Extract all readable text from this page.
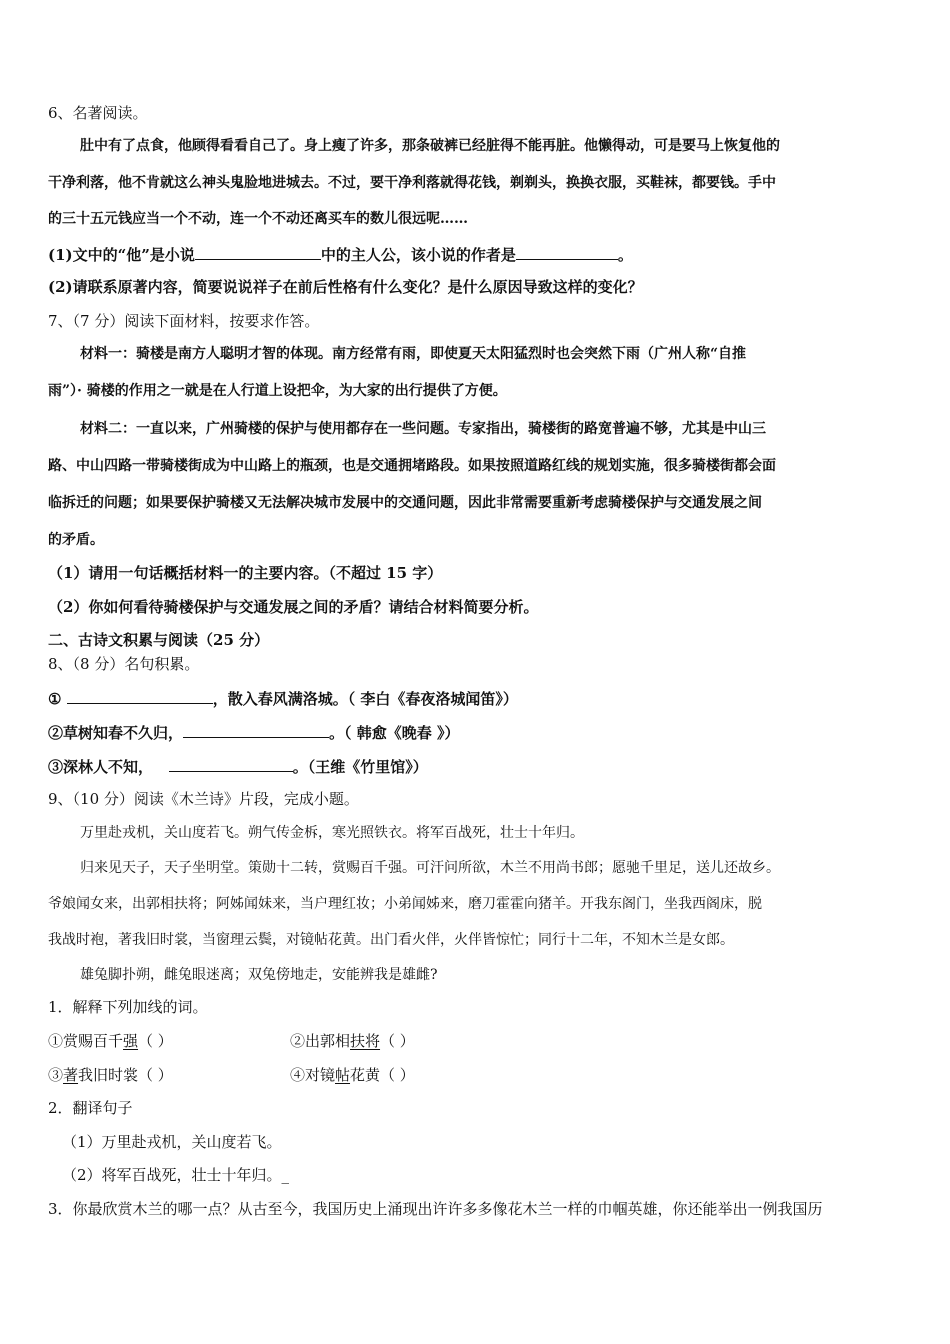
6、名著阅读。
肚中有了点食，他顾得看看自己了。身上瘦了许多，那条破裤已经脏得不能再脏。他懒得动，可是要马上恢复他的
干净利落，他不肯就这么神头鬼脸地进城去。不过，要干净利落就得花钱，剃剃头，换换衣服，买鞋袜，都要钱。手中
的三十五元钱应当一个不动，连一个不动还离买车的数儿很远呢……
(1)文中的“他”是小说	中的主人公，该小说的作者是	。
(2)请联系原著内容，简要说说祥子在前后性格有什么变化？是什么原因导致这样的变化？
7、（7 分）阅读下面材料，按要求作答。
材料一：骑楼是南方人聪明才智的体现。南方经常有雨，即使夏天太阳猛烈时也会突然下雨（广州人称“自推
雨”）· 骑楼的作用之一就是在人行道上设把伞，为大家的出行提供了方便。
材料二：一直以来，广州骑楼的保护与使用都存在一些问题。专家指出，骑楼街的路宽普遍不够，尤其是中山三
路、中山四路一带骑楼街成为中山路上的瓶颈，也是交通拥堵路段。如果按照道路红线的规划实施，很多骑楼街都会面
临拆迁的问题；如果要保护骑楼又无法解决城市发展中的交通问题，因此非常需要重新考虑骑楼保护与交通发展之间
的矛盾。
（1）请用一句话概括材料一的主要内容。（不超过 15 字）
（2）你如何看待骑楼保护与交通发展之间的矛盾？请结合材料简要分析。
二、古诗文积累与阅读（25 分）
8、（8 分）名句积累。
①	，散入春风满洛城。（ 李白《春夜洛城闻笛》）
②草树知春不久归，	。（ 韩愈《晚春 》）
③深林人不知，	。（王维《竹里馆》）
9、（10 分）阅读《木兰诗》片段，完成小题。
万里赴戎机，关山度若飞。朔气传金柝，寒光照铁衣。将军百战死，壮士十年归。
归来见天子，天子坐明堂。策勋十二转，赏赐百千强。可汗问所欲，木兰不用尚书郎；愿驰千里足，送儿还故乡。
爷娘闻女来，出郭相扶将；阿姊闻妹来，当户理红妆；小弟闻姊来，磨刀霍霍向猪羊。开我东阁门，坐我西阁床，脱
我战时袍，著我旧时裳，当窗理云鬓，对镜帖花黄。出门看火伴，火伴皆惊忙；同行十二年，不知木兰是女郎。
雄兔脚扑朔，雌兔眼迷离；双兔傍地走，安能辨我是雄雌?
1．解释下列加线的词。
①赏赐百千强（ ）	②出郭相扶将（ ）
③著我旧时裳（ ）	④对镜帖花黄（ ）
2．翻译句子
（1）万里赴戎机，关山度若飞。
（2）将军百战死，壮士十年归。_
3．你最欣赏木兰的哪一点？从古至今，我国历史上涌现出许许多多像花木兰一样的巾帼英雄，你还能举出一例我国历
